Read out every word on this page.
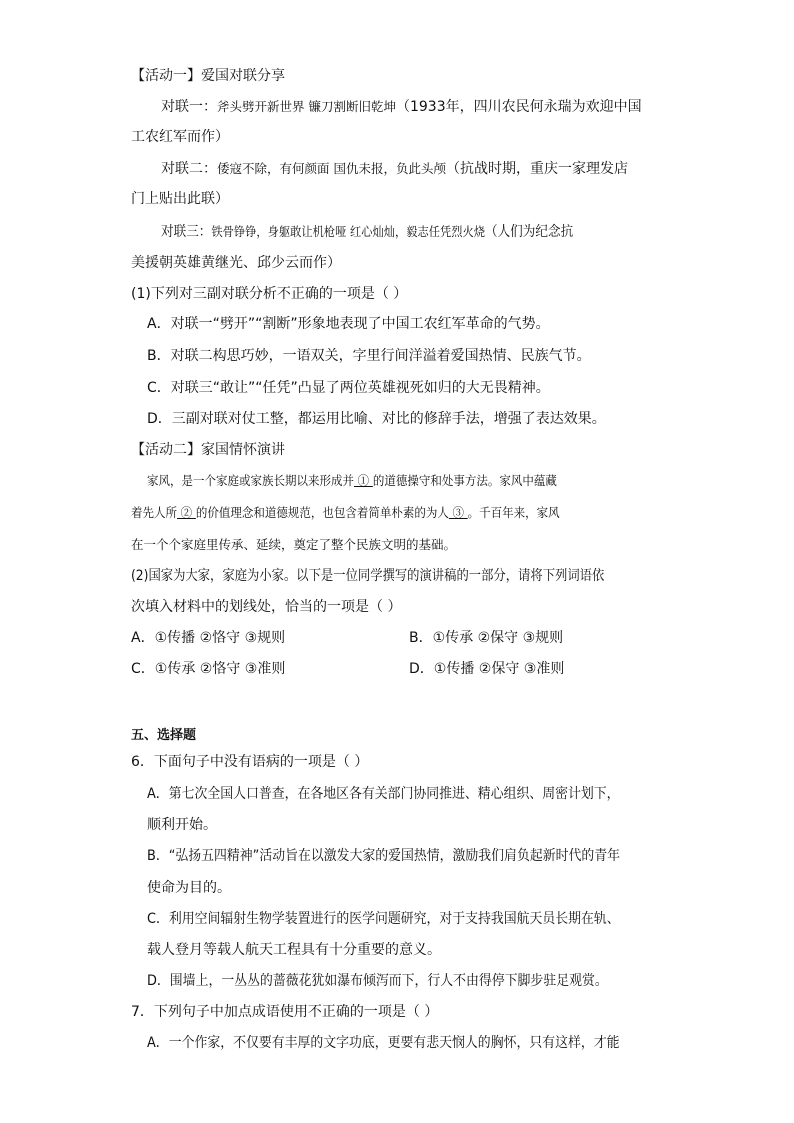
【活动一】爱国对联分享
对联一：斧头劈开新世界 镰刀割断旧乾坤（1933年，四川农民何永瑞为欢迎中国
工农红军而作）
对联二：倭寇不除，有何颜面 国仇未报，负此头颅（抗战时期，重庆一家理发店
门上贴出此联）
对联三：铁骨铮铮，身躯敢让机枪哑 红心灿灿，毅志任凭烈火烧（人们为纪念抗
美援朝英雄黄继光、邱少云而作）
(1)下列对三副对联分析不正确的一项是（ ）
A．对联一“劈开”“割断”形象地表现了中国工农红军革命的气势。
B．对联二构思巧妙，一语双关，字里行间洋溢着爱国热情、民族气节。
C．对联三“敢让”“任凭”凸显了两位英雄视死如归的大无畏精神。
D．三副对联对仗工整，都运用比喻、对比的修辞手法，增强了表达效果。
【活动二】家国情怀演讲
家风，是一个家庭或家族长期以来形成并 ① 的道德操守和处事方法。家风中蕴藏
着先人所 ② 的价值理念和道德规范，也包含着简单朴素的为人 ③ 。千百年来，家风
在一个个家庭里传承、延续，奠定了整个民族文明的基础。
(2)国家为大家，家庭为小家。以下是一位同学撰写的演讲稿的一部分，请将下列词语依
次填入材料中的划线处，恰当的一项是（ ）
A．①传播 ②恪守 ③规则	B．①传承 ②保守 ③规则
C．①传承 ②恪守 ③准则	D．①传播 ②保守 ③准则
五、选择题
6．下面句子中没有语病的一项是（ ）
A．第七次全国人口普查，在各地区各有关部门协同推进、精心组织、周密计划下，
顺利开始。
B．“弘扬五四精神”活动旨在以激发大家的爱国热情，激励我们肩负起新时代的青年
使命为目的。
C．利用空间辐射生物学装置进行的医学问题研究，对于支持我国航天员长期在轨、
载人登月等载人航天工程具有十分重要的意义。
D．围墙上，一丛丛的蔷薇花犹如瀑布倾泻而下，行人不由得停下脚步驻足观赏。
7．下列句子中加点成语使用不正确的一项是（ ）
A．一个作家，不仅要有丰厚的文字功底，更要有悲天悯人的胸怀，只有这样，才能
